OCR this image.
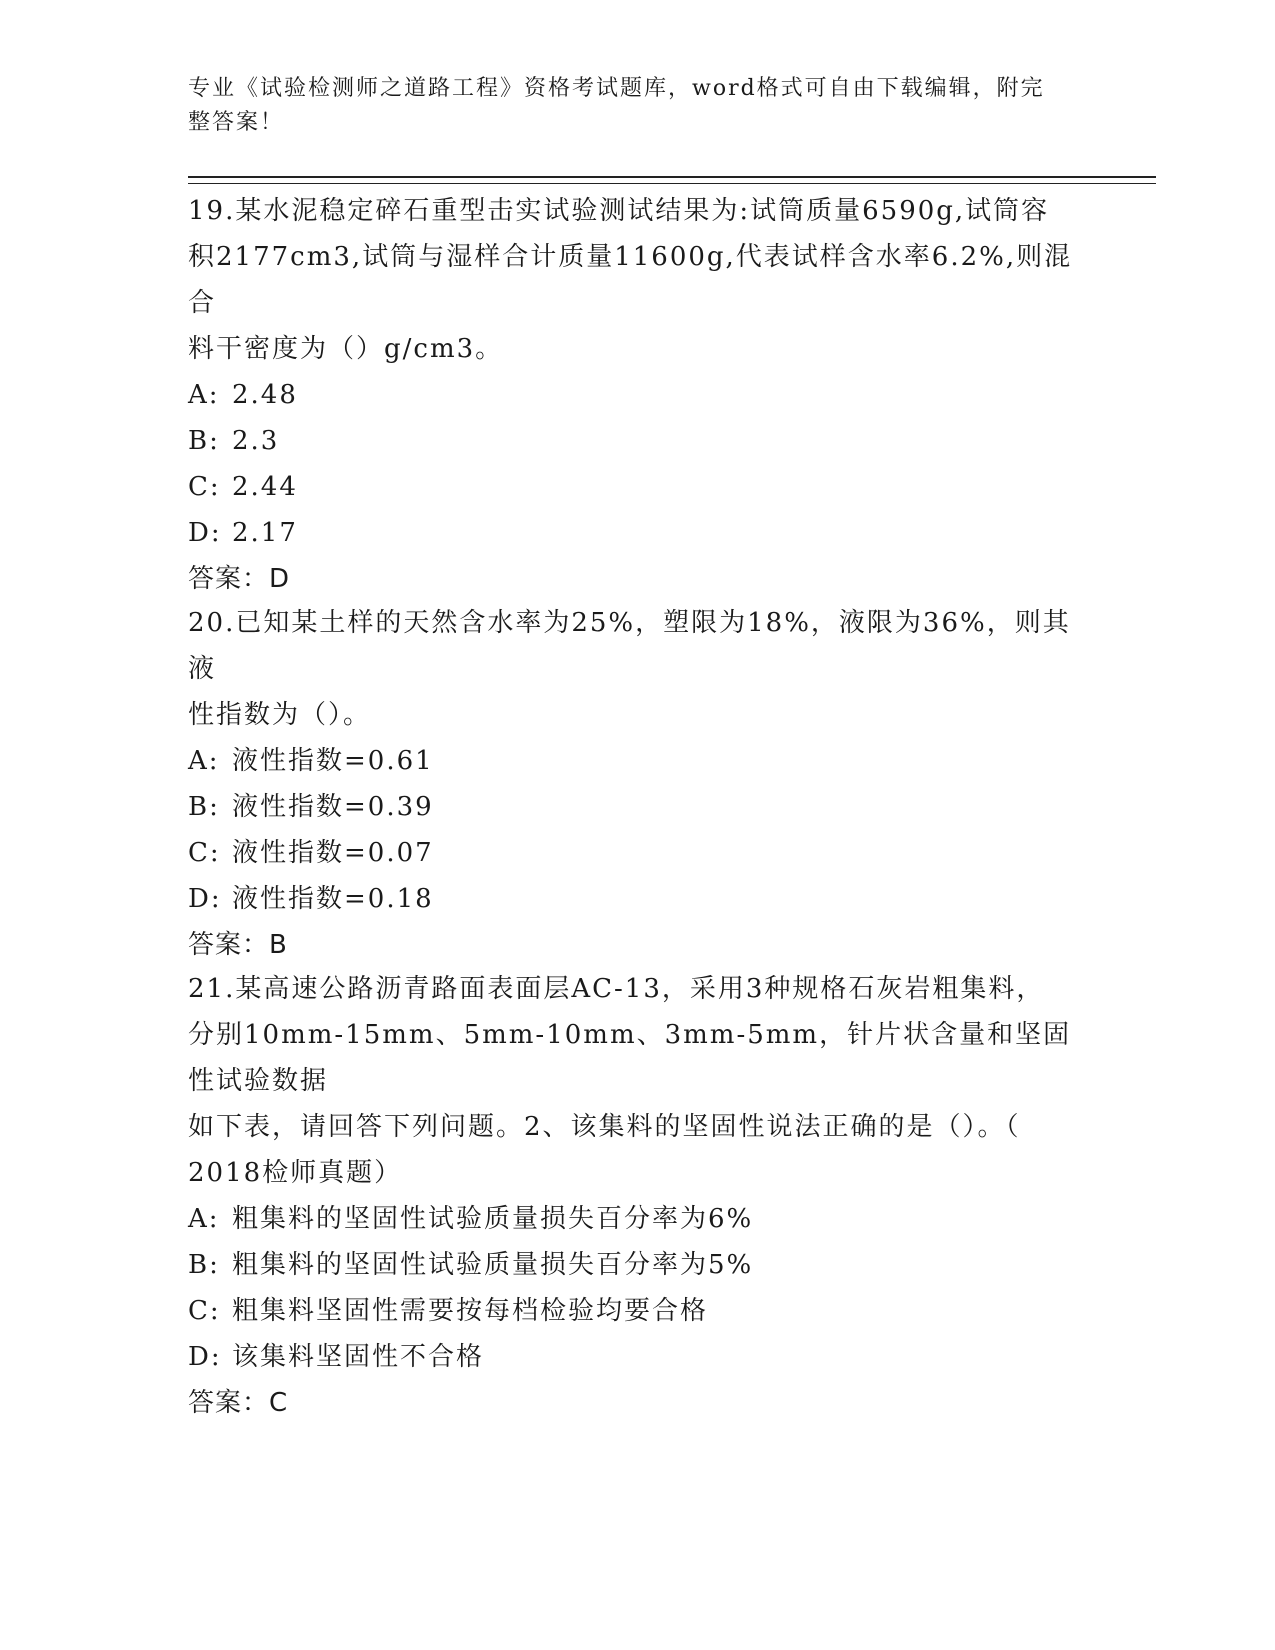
专业《试验检测师之道路工程》资格考试题库，word格式可自由下载编辑，附完
整答案！

19.某水泥稳定碎石重型击实试验测试结果为:试筒质量6590g,试筒容
积2177cm3,试筒与湿样合计质量11600g,代表试样含水率6.2%,则混合
料干密度为（）g/cm3。

A: 2.48

B: 2.3

C: 2.44

D: 2.17

答案：D

20.已知某土样的天然含水率为25%，塑限为18%，液限为36%，则其液
性指数为（）。

A: 液性指数=0.61

B: 液性指数=0.39

C: 液性指数=0.07

D: 液性指数=0.18

答案：B

21.某高速公路沥青路面表面层AC-13，采用3种规格石灰岩粗集料，
分别10mm-15mm、5mm-10mm、3mm-5mm，针片状含量和坚固性试验数据
如下表，请回答下列问题。2、该集料的坚固性说法正确的是（）。（
2018检师真题）

A: 粗集料的坚固性试验质量损失百分率为6%

B: 粗集料的坚固性试验质量损失百分率为5%

C: 粗集料坚固性需要按每档检验均要合格

D: 该集料坚固性不合格

答案：C
